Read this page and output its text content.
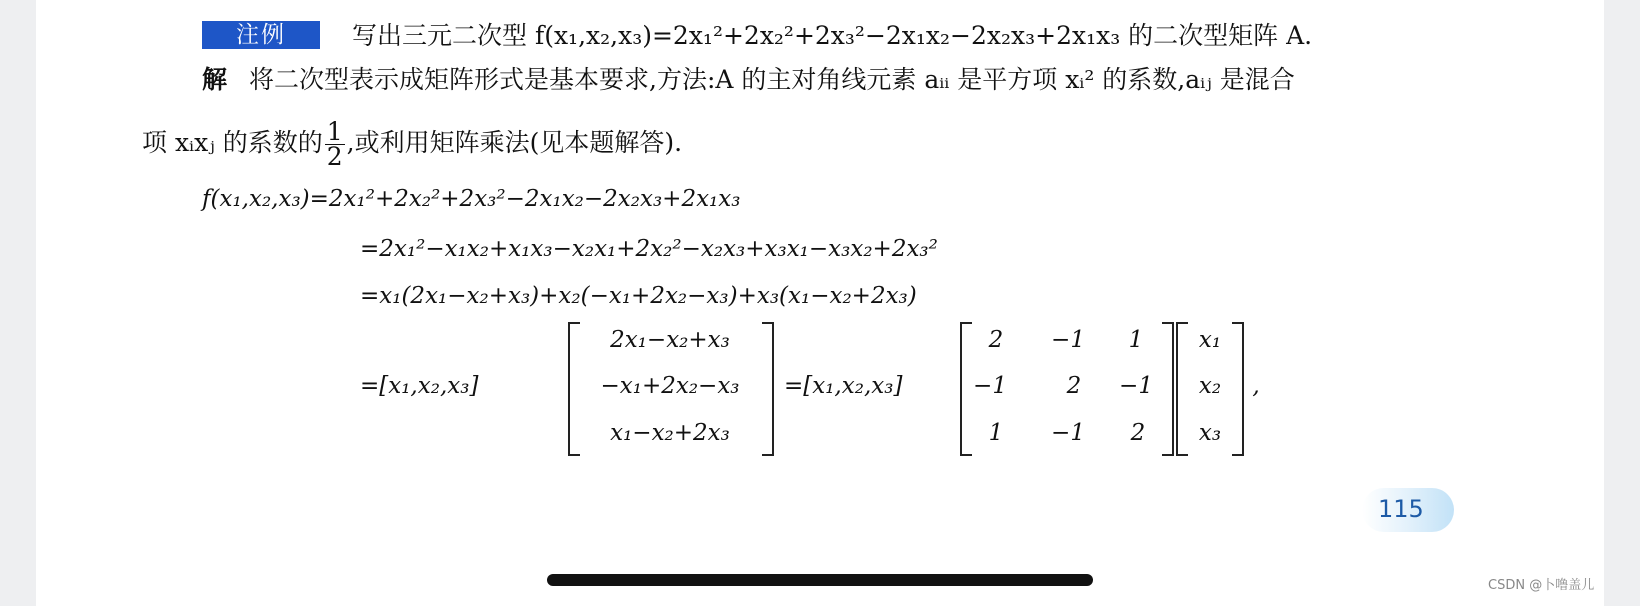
注例	写出三元二次型 f(x₁,x₂,x₃)=2x₁²+2x₂²+2x₃²−2x₁x₂−2x₂x₃+2x₁x₃ 的二次型矩阵 A.
解 将二次型表示成矩阵形式是基本要求,方法:A 的主对角线元素 aᵢᵢ 是平方项 xᵢ² 的系数,aᵢⱼ 是混合
项 xᵢxⱼ 的系数的 $\frac{1}{2}$ ,或利用矩阵乘法(见本题解答).
f(x₁,x₂,x₃)=2x₁²+2x₂²+2x₃²−2x₁x₂−2x₂x₃+2x₁x₃
=2x₁²−x₁x₂+x₁x₃−x₂x₁+2x₂²−x₂x₃+x₃x₁−x₃x₂+2x₃²
=x₁(2x₁−x₂+x₃)+x₂(−x₁+2x₂−x₃)+x₃(x₁−x₂+2x₃)
=[x₁,x₂,x₃]
2x₁−x₂+x₃
−x₁+2x₂−x₃
x₁−x₂+2x₃
=[x₁,x₂,x₃]
2	−1	1
−1	2	−1
1	−1	2
x₁
x₂
x₃
,
115
CSDN @卜噜盖儿
